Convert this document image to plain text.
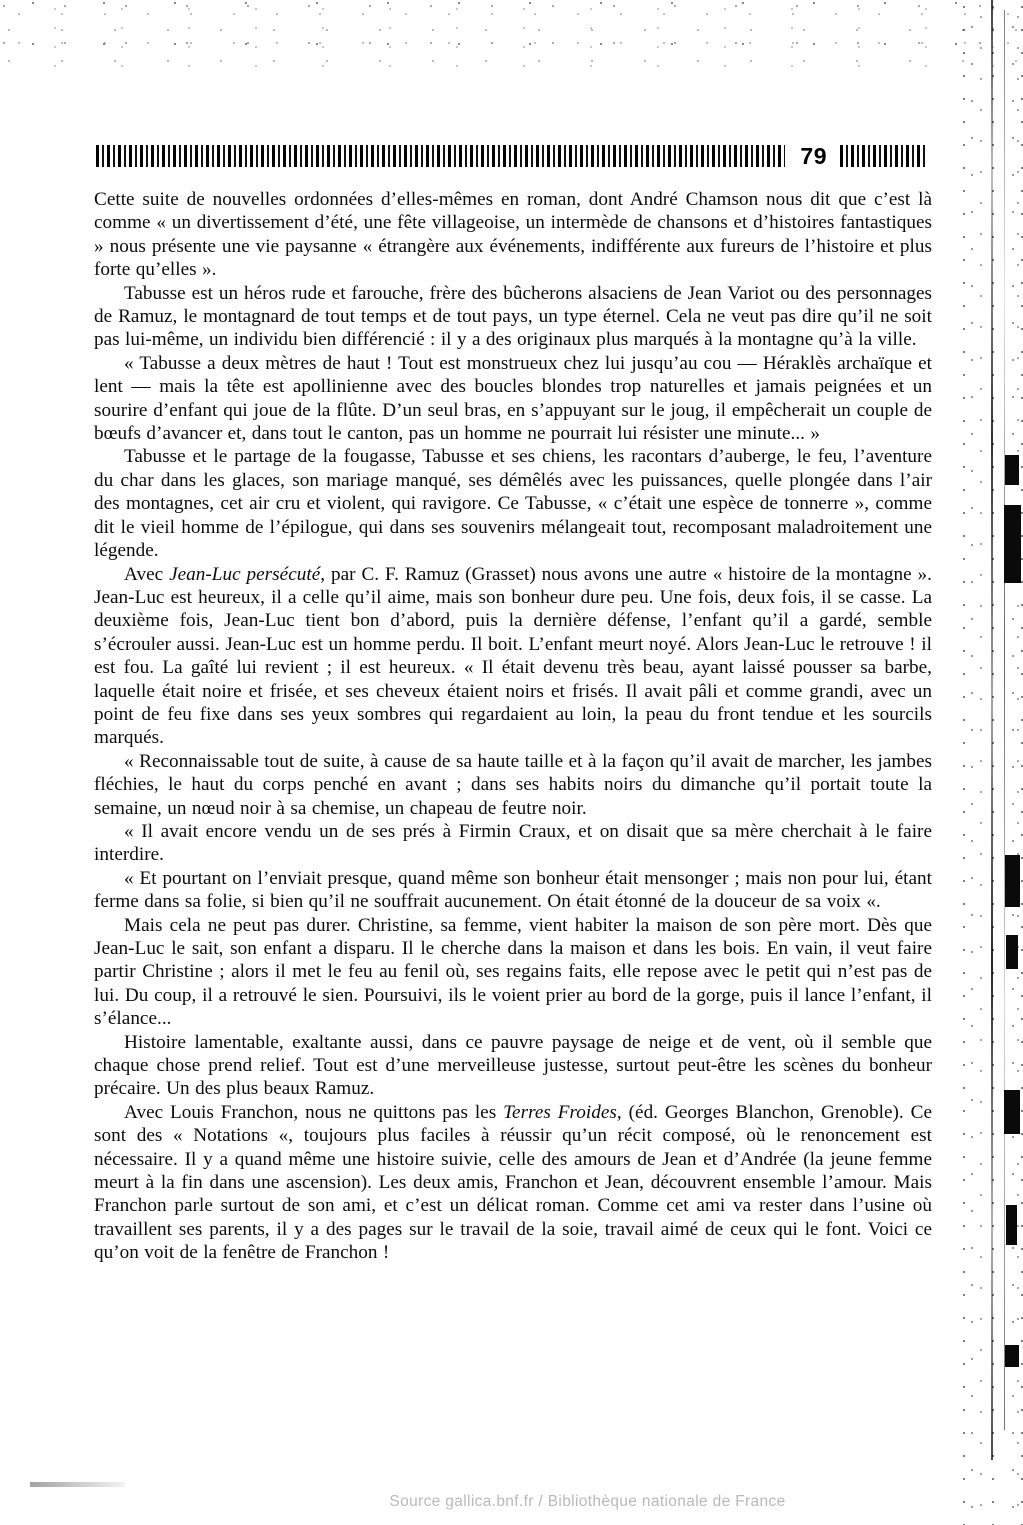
79

Cette suite de nouvelles ordonnées d’elles-mêmes en roman, dont André Chamson nous dit que c’est là comme « un divertissement d’été, une fête villageoise, un intermède de chansons et d’histoires fantastiques » nous présente une vie paysanne « étrangère aux événements, indifférente aux fureurs de l’histoire et plus forte qu’elles ».

Tabusse est un héros rude et farouche, frère des bûcherons alsaciens de Jean Variot ou des personnages de Ramuz, le montagnard de tout temps et de tout pays, un type éternel. Cela ne veut pas dire qu’il ne soit pas lui-même, un individu bien différencié : il y a des originaux plus marqués à la montagne qu’à la ville.

« Tabusse a deux mètres de haut ! Tout est monstrueux chez lui jusqu’au cou — Héraklès archaïque et lent — mais la tête est apollinienne avec des boucles blondes trop naturelles et jamais peignées et un sourire d’enfant qui joue de la flûte. D’un seul bras, en s’appuyant sur le joug, il empêcherait un couple de bœufs d’avancer et, dans tout le canton, pas un homme ne pourrait lui résister une minute... »

Tabusse et le partage de la fougasse, Tabusse et ses chiens, les racontars d’auberge, le feu, l’aventure du char dans les glaces, son mariage manqué, ses démêlés avec les puissances, quelle plongée dans l’air des montagnes, cet air cru et violent, qui ravigore. Ce Tabusse, « c’était une espèce de tonnerre », comme dit le vieil homme de l’épilogue, qui dans ses souvenirs mélangeait tout, recomposant maladroitement une légende.

Avec Jean-Luc persécuté, par C. F. Ramuz (Grasset) nous avons une autre « histoire de la montagne ». Jean-Luc est heureux, il a celle qu’il aime, mais son bonheur dure peu. Une fois, deux fois, il se casse. La deuxième fois, Jean-Luc tient bon d’abord, puis la dernière défense, l’enfant qu’il a gardé, semble s’écrouler aussi. Jean-Luc est un homme perdu. Il boit. L’enfant meurt noyé. Alors Jean-Luc le retrouve ! il est fou. La gaîté lui revient ; il est heureux. « Il était devenu très beau, ayant laissé pousser sa barbe, laquelle était noire et frisée, et ses cheveux étaient noirs et frisés. Il avait pâli et comme grandi, avec un point de feu fixe dans ses yeux sombres qui regardaient au loin, la peau du front tendue et les sourcils marqués.

« Reconnaissable tout de suite, à cause de sa haute taille et à la façon qu’il avait de marcher, les jambes fléchies, le haut du corps penché en avant ; dans ses habits noirs du dimanche qu’il portait toute la semaine, un nœud noir à sa chemise, un chapeau de feutre noir.

« Il avait encore vendu un de ses prés à Firmin Craux, et on disait que sa mère cherchait à le faire interdire.

« Et pourtant on l’enviait presque, quand même son bonheur était mensonger ; mais non pour lui, étant ferme dans sa folie, si bien qu’il ne souffrait aucunement. On était étonné de la douceur de sa voix «.

Mais cela ne peut pas durer. Christine, sa femme, vient habiter la maison de son père mort. Dès que Jean-Luc le sait, son enfant a disparu. Il le cherche dans la maison et dans les bois. En vain, il veut faire partir Christine ; alors il met le feu au fenil où, ses regains faits, elle repose avec le petit qui n’est pas de lui. Du coup, il a retrouvé le sien. Poursuivi, ils le voient prier au bord de la gorge, puis il lance l’enfant, il s’élance...

Histoire lamentable, exaltante aussi, dans ce pauvre paysage de neige et de vent, où il semble que chaque chose prend relief. Tout est d’une merveilleuse justesse, surtout peut-être les scènes du bonheur précaire. Un des plus beaux Ramuz.

Avec Louis Franchon, nous ne quittons pas les Terres Froides, (éd. Georges Blanchon, Grenoble). Ce sont des « Notations «, toujours plus faciles à réussir qu’un récit composé, où le renoncement est nécessaire. Il y a quand même une histoire suivie, celle des amours de Jean et d’Andrée (la jeune femme meurt à la fin dans une ascension). Les deux amis, Franchon et Jean, découvrent ensemble l’amour. Mais Franchon parle surtout de son ami, et c’est un délicat roman. Comme cet ami va rester dans l’usine où travaillent ses parents, il y a des pages sur le travail de la soie, travail aimé de ceux qui le font. Voici ce qu’on voit de la fenêtre de Franchon !

Source gallica.bnf.fr / Bibliothèque nationale de France
